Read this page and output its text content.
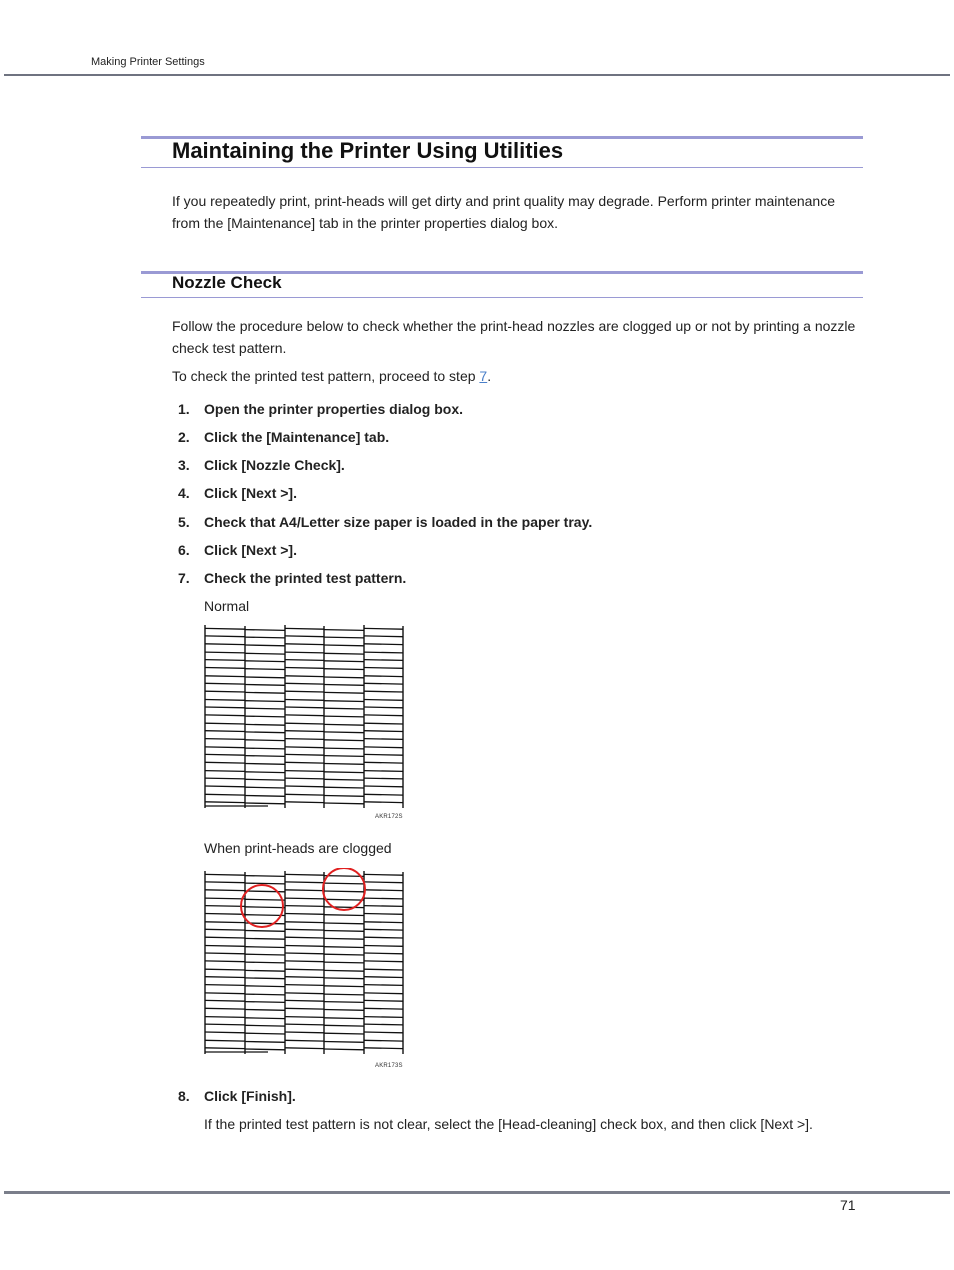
Making Printer Settings
Maintaining the Printer Using Utilities
If you repeatedly print, print-heads will get dirty and print quality may degrade. Perform printer maintenance
from the [Maintenance] tab in the printer properties dialog box.
Nozzle Check
Follow the procedure below to check whether the print-head nozzles are clogged up or not by printing a nozzle
check test pattern.
To check the printed test pattern, proceed to step 7.
1. Open the printer properties dialog box.
2. Click the [Maintenance] tab.
3. Click [Nozzle Check].
4. Click [Next >].
5. Check that A4/Letter size paper is loaded in the paper tray.
6. Click [Next >].
7. Check the printed test pattern.
Normal
AKR172S
When print-heads are clogged
AKR173S
8. Click [Finish].
If the printed test pattern is not clear, select the [Head-cleaning] check box, and then click [Next >].
71
